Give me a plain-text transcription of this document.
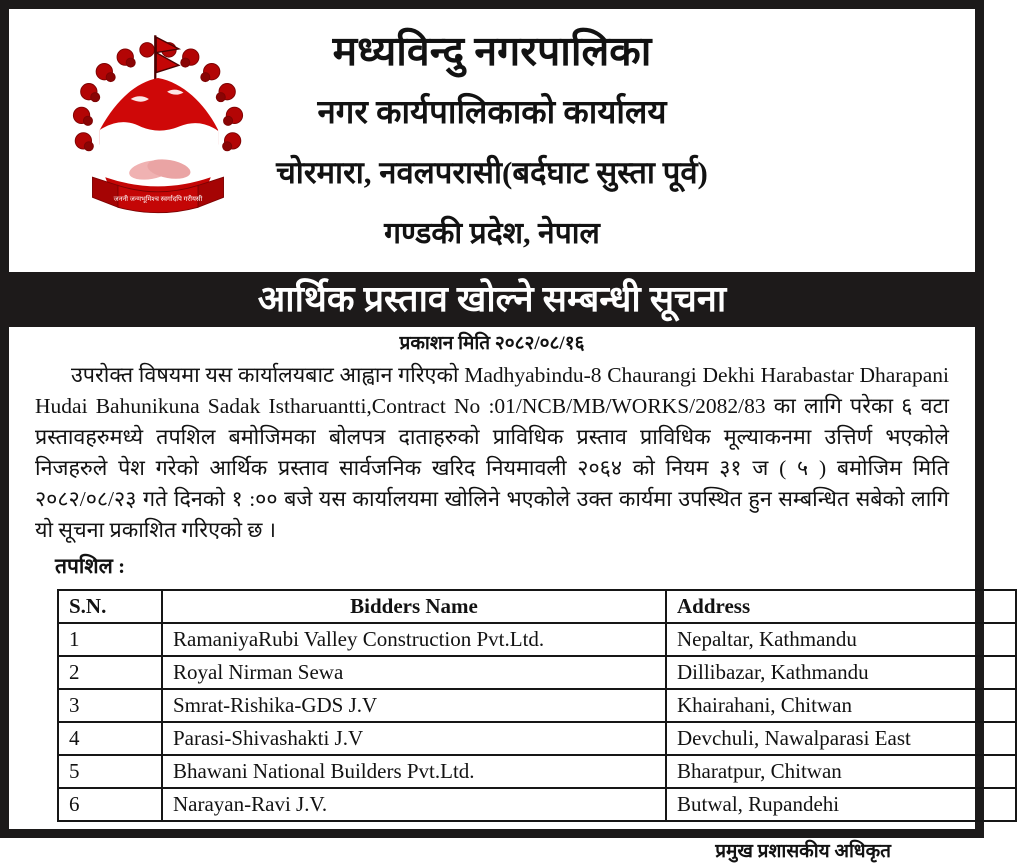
जननी जन्मभूमिश्च स्वर्गादपि गरीयसी
मध्यविन्दु नगरपालिका
नगर कार्यपालिकाको कार्यालय
चोरमारा, नवलपरासी(बर्दघाट सुस्ता पूर्व)
गण्डकी प्रदेश, नेपाल
आर्थिक प्रस्ताव खोल्ने सम्बन्धी सूचना
प्रकाशन मिति २०८२/०८/१६

उपरोक्त विषयमा यस कार्यालयबाट आह्वान गरिएको Madhyabindu-8 Chaurangi Dekhi Harabastar Dharapani Hudai Bahunikuna Sadak Istharuantti,Contract No :01/NCB/MB/WORKS/2082/83 का लागि परेका ६ वटा प्रस्तावहरुमध्ये तपशिल बमोजिमका बोलपत्र दाताहरुको प्राविधिक प्रस्ताव प्राविधिक मूल्याकनमा उत्तिर्ण भएकोले निजहरुले पेश गरेको आर्थिक प्रस्ताव सार्वजनिक खरिद नियमावली २०६४ को नियम ३१ ज ( ५ ) बमोजिम मिति २०८२/०८/२३ गते दिनको १ :०० बजे यस कार्यालयमा खोलिने भएकोले उक्त कार्यमा उपस्थित हुन सम्बन्धित सबेको लागि यो सूचना प्रकाशित गरिएको छ ।

तपशिल :
S.N.	Bidders Name	Address
1	RamaniyaRubi Valley Construction Pvt.Ltd.	Nepaltar, Kathmandu
2	Royal Nirman Sewa	Dillibazar, Kathmandu
3	Smrat-Rishika-GDS J.V	Khairahani, Chitwan
4	Parasi-Shivashakti J.V	Devchuli, Nawalparasi East
5	Bhawani National Builders Pvt.Ltd.	Bharatpur, Chitwan
6	Narayan-Ravi J.V.	Butwal, Rupandehi
प्रमुख प्रशासकीय अधिकृत
